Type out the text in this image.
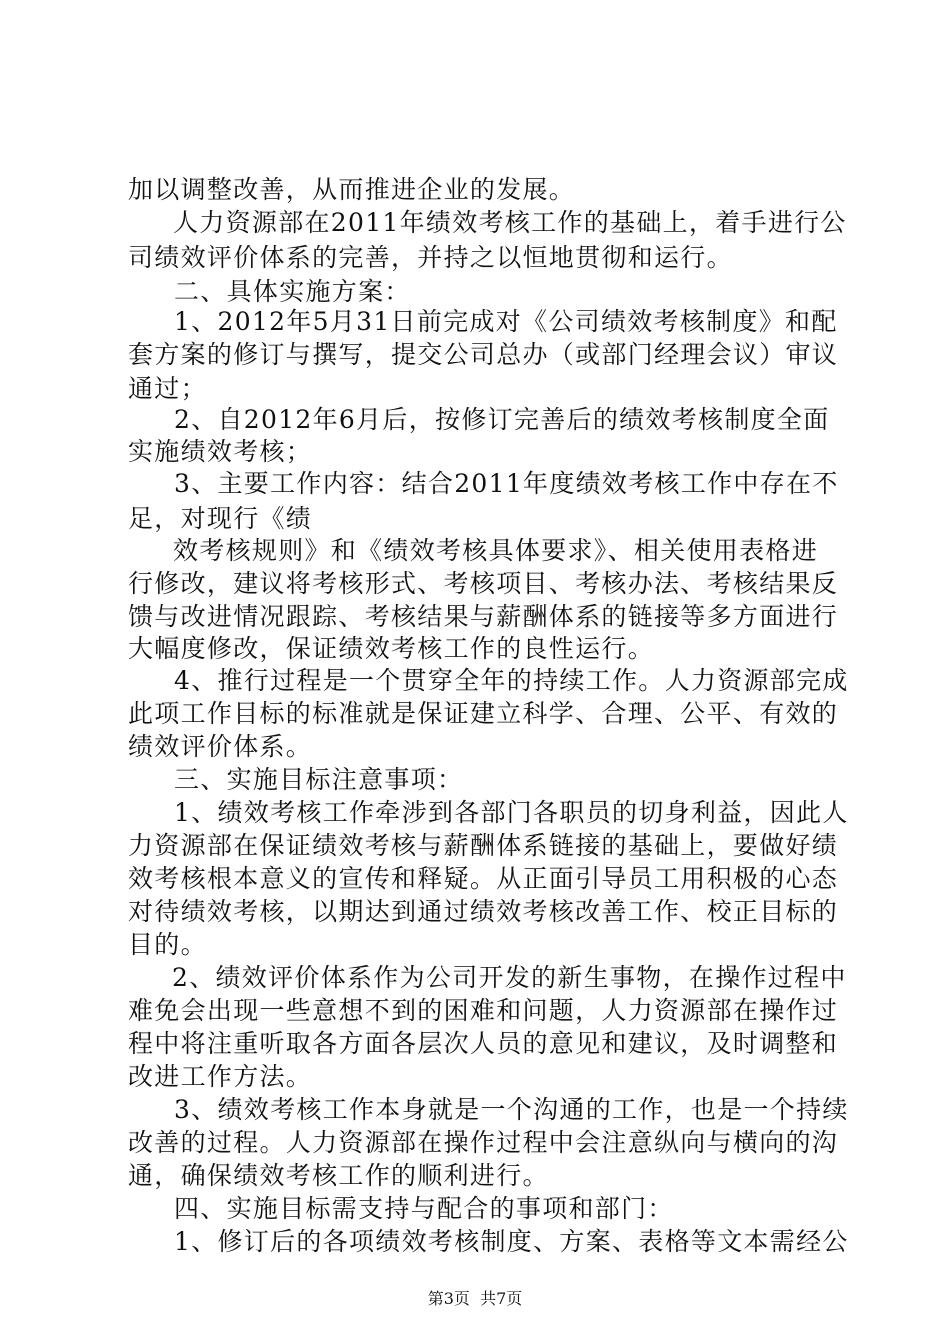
加以调整改善，从而推进企业的发展。
人力资源部在2011年绩效考核工作的基础上，着手进行公
司绩效评价体系的完善，并持之以恒地贯彻和运行。
二、具体实施方案：
1、2012年5月31日前完成对《公司绩效考核制度》和配
套方案的修订与撰写，提交公司总办（或部门经理会议）审议
通过；
2、自2012年6月后，按修订完善后的绩效考核制度全面
实施绩效考核；
3、主要工作内容：结合2011年度绩效考核工作中存在不
足，对现行《绩
效考核规则》和《绩效考核具体要求》、相关使用表格进
行修改，建议将考核形式、考核项目、考核办法、考核结果反
馈与改进情况跟踪、考核结果与薪酬体系的链接等多方面进行
大幅度修改，保证绩效考核工作的良性运行。
4、推行过程是一个贯穿全年的持续工作。人力资源部完成
此项工作目标的标准就是保证建立科学、合理、公平、有效的
绩效评价体系。
三、实施目标注意事项：
1、绩效考核工作牵涉到各部门各职员的切身利益，因此人
力资源部在保证绩效考核与薪酬体系链接的基础上，要做好绩
效考核根本意义的宣传和释疑。从正面引导员工用积极的心态
对待绩效考核，以期达到通过绩效考核改善工作、校正目标的
目的。
2、绩效评价体系作为公司开发的新生事物，在操作过程中
难免会出现一些意想不到的困难和问题，人力资源部在操作过
程中将注重听取各方面各层次人员的意见和建议，及时调整和
改进工作方法。
3、绩效考核工作本身就是一个沟通的工作，也是一个持续
改善的过程。人力资源部在操作过程中会注意纵向与横向的沟
通，确保绩效考核工作的顺利进行。
四、实施目标需支持与配合的事项和部门：
1、修订后的各项绩效考核制度、方案、表格等文本需经公
第3页  共7页
